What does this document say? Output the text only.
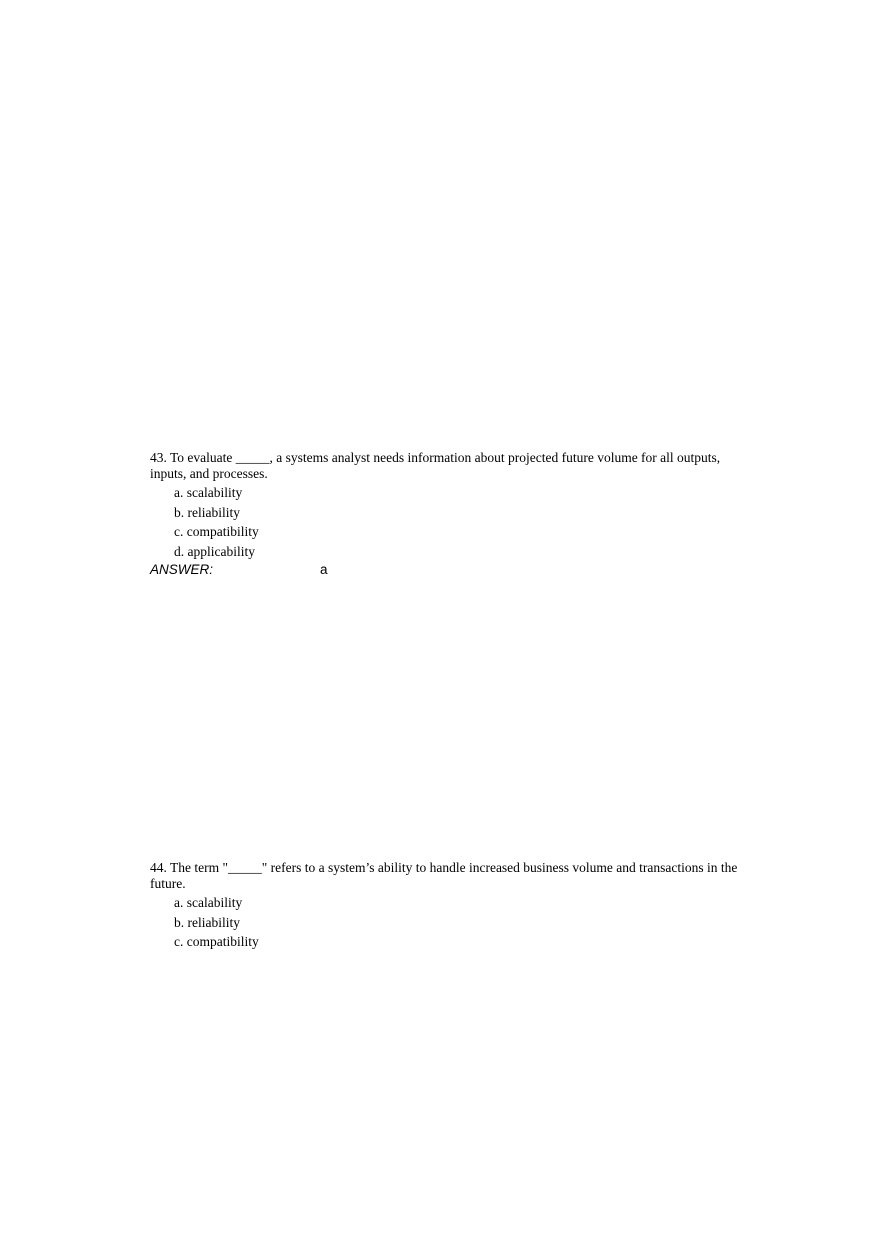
43. To evaluate _____, a systems analyst needs information about projected future volume for all outputs, inputs, and processes.

a. scalability
b. reliability
c. compatibility
d. applicability
ANSWER:	a

44. The term "_____" refers to a system’s ability to handle increased business volume and transactions in the future.

a. scalability
b. reliability
c. compatibility
